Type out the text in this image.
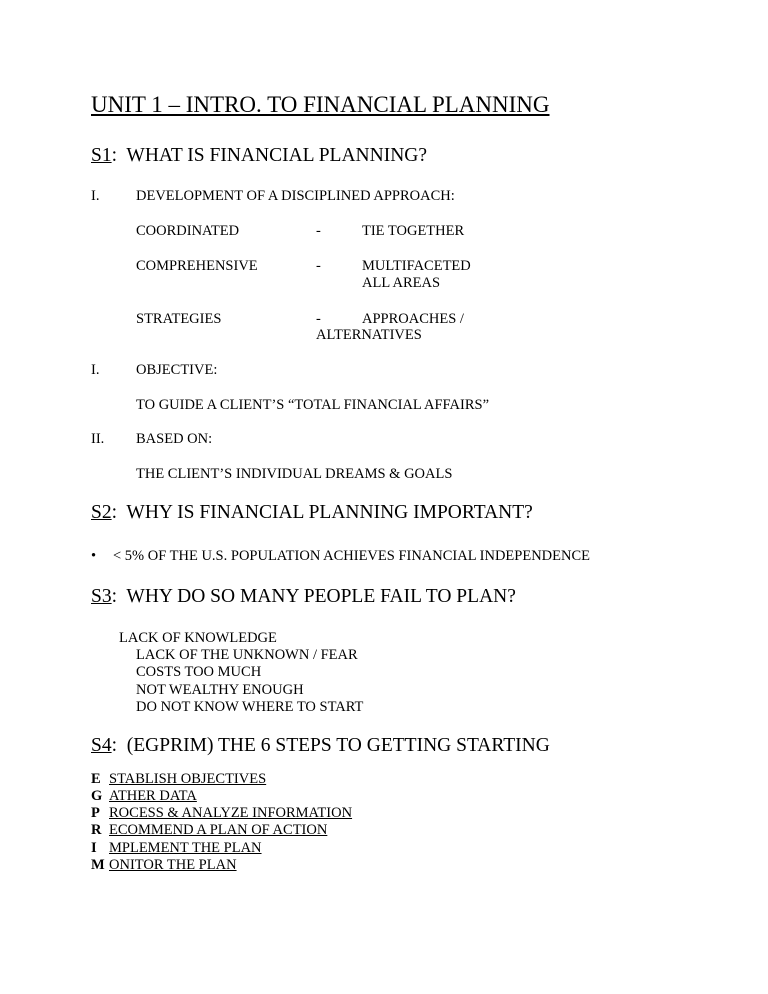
UNIT 1 – INTRO. TO FINANCIAL PLANNING
S1:  WHAT IS FINANCIAL PLANNING?
I.	DEVELOPMENT OF A DISCIPLINED APPROACH:
COORDINATED	-	TIE TOGETHER
COMPREHENSIVE	-	MULTIFACETED
ALL AREAS
STRATEGIES	-	APPROACHES /
ALTERNATIVES
I.	OBJECTIVE:
TO GUIDE A CLIENT’S “TOTAL FINANCIAL AFFAIRS”
II. BASED ON:
THE CLIENT’S INDIVIDUAL DREAMS & GOALS
S2:  WHY IS FINANCIAL PLANNING IMPORTANT?
• < 5% OF THE U.S. POPULATION ACHIEVES FINANCIAL INDEPENDENCE
S3:  WHY DO SO MANY PEOPLE FAIL TO PLAN?
LACK OF KNOWLEDGE
LACK OF THE UNKNOWN / FEAR
COSTS TOO MUCH
NOT WEALTHY ENOUGH
DO NOT KNOW WHERE TO START
S4:  (EGPRIM) THE 6 STEPS TO GETTING STARTING
E STABLISH OBJECTIVES
G ATHER DATA
P ROCESS & ANALYZE INFORMATION
R ECOMMEND A PLAN OF ACTION
I MPLEMENT THE PLAN
M ONITOR THE PLAN
